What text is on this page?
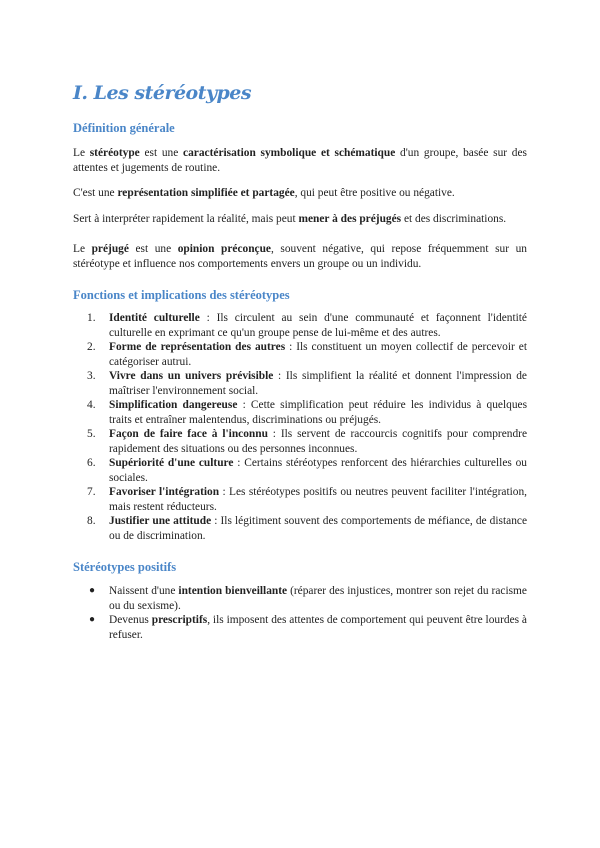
I. Les stéréotypes
Définition générale

Le stéréotype est une caractérisation symbolique et schématique d'un groupe, basée sur des attentes et jugements de routine.

C'est une représentation simplifiée et partagée, qui peut être positive ou négative.

Sert à interpréter rapidement la réalité, mais peut mener à des préjugés et des discriminations.

Le préjugé est une opinion préconçue, souvent négative, qui repose fréquemment sur un stéréotype et influence nos comportements envers un groupe ou un individu.

Fonctions et implications des stéréotypes
1. Identité culturelle : Ils circulent au sein d'une communauté et façonnent l'identité culturelle en exprimant ce qu'un groupe pense de lui-même et des autres.
2. Forme de représentation des autres : Ils constituent un moyen collectif de percevoir et catégoriser autrui.
3. Vivre dans un univers prévisible : Ils simplifient la réalité et donnent l'impression de maîtriser l'environnement social.
4. Simplification dangereuse : Cette simplification peut réduire les individus à quelques traits et entraîner malentendus, discriminations ou préjugés.
5. Façon de faire face à l'inconnu : Ils servent de raccourcis cognitifs pour comprendre rapidement des situations ou des personnes inconnues.
6. Supériorité d'une culture : Certains stéréotypes renforcent des hiérarchies culturelles ou sociales.
7. Favoriser l'intégration : Les stéréotypes positifs ou neutres peuvent faciliter l'intégration, mais restent réducteurs.
8. Justifier une attitude : Ils légitiment souvent des comportements de méfiance, de distance ou de discrimination.
Stéréotypes positifs
● Naissent d'une intention bienveillante (réparer des injustices, montrer son rejet du racisme ou du sexisme).
● Devenus prescriptifs, ils imposent des attentes de comportement qui peuvent être lourdes à refuser.
